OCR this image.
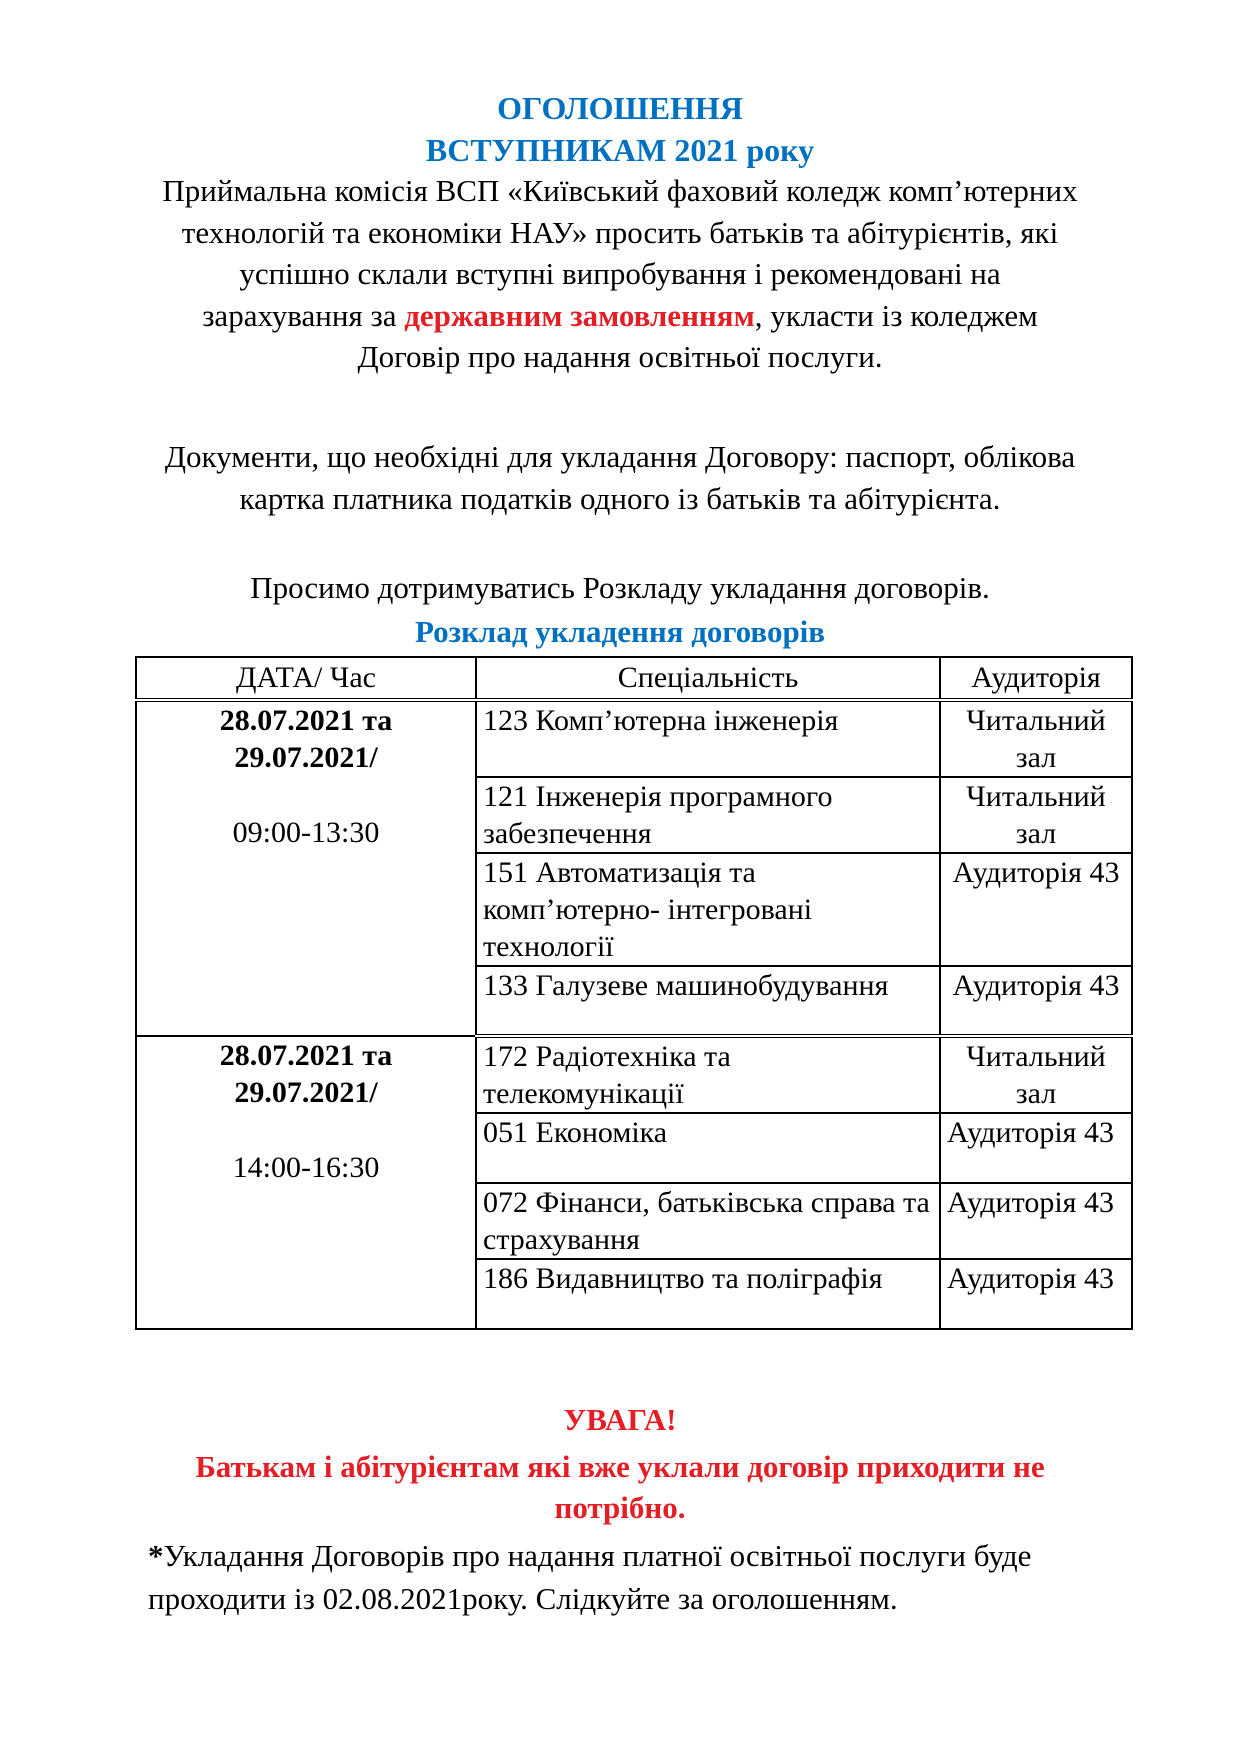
ОГОЛОШЕННЯ
ВСТУПНИКАМ 2021 року
Приймальна комісія ВСП «Київський фаховий коледж комп’ютерних
технологій та економіки НАУ» просить батьків та абітурієнтів, які
успішно склали вступні випробування і рекомендовані на
зарахування за державним замовленням, укласти із коледжем
Договір про надання освітньої послуги.
Документи, що необхідні для укладання Договору: паспорт, облікова
картка платника податків одного із батьків та абітурієнта.
Просимо дотримуватись Розкладу укладання договорів.
Розклад укладення договорів
ДАТА/ Час	Спеціальність	Аудиторія

28.07.2021 та
29.07.2021/
09:00-13:30	123 Комп’ютерна інженерія	Читальний зал
	121 Інженерія програмного забезпечення	Читальний зал
	151 Автоматизація та комп’ютерно- інтегровані технології	Аудиторія 43
	133 Галузеве машинобудування	Аудиторія 43

28.07.2021 та
29.07.2021/
14:00-16:30	172 Радіотехніка та телекомунікації	Читальний зал
	051 Економіка	Аудиторія 43
	072 Фінанси, батьківська справа та страхування	Аудиторія 43
	186 Видавництво та поліграфія	Аудиторія 43
УВАГА!
Батькам і абітурієнтам які вже уклали договір приходити не потрібно.
*Укладання Договорів про надання платної освітньої послуги буде
проходити із 02.08.2021року. Слідкуйте за оголошенням.
